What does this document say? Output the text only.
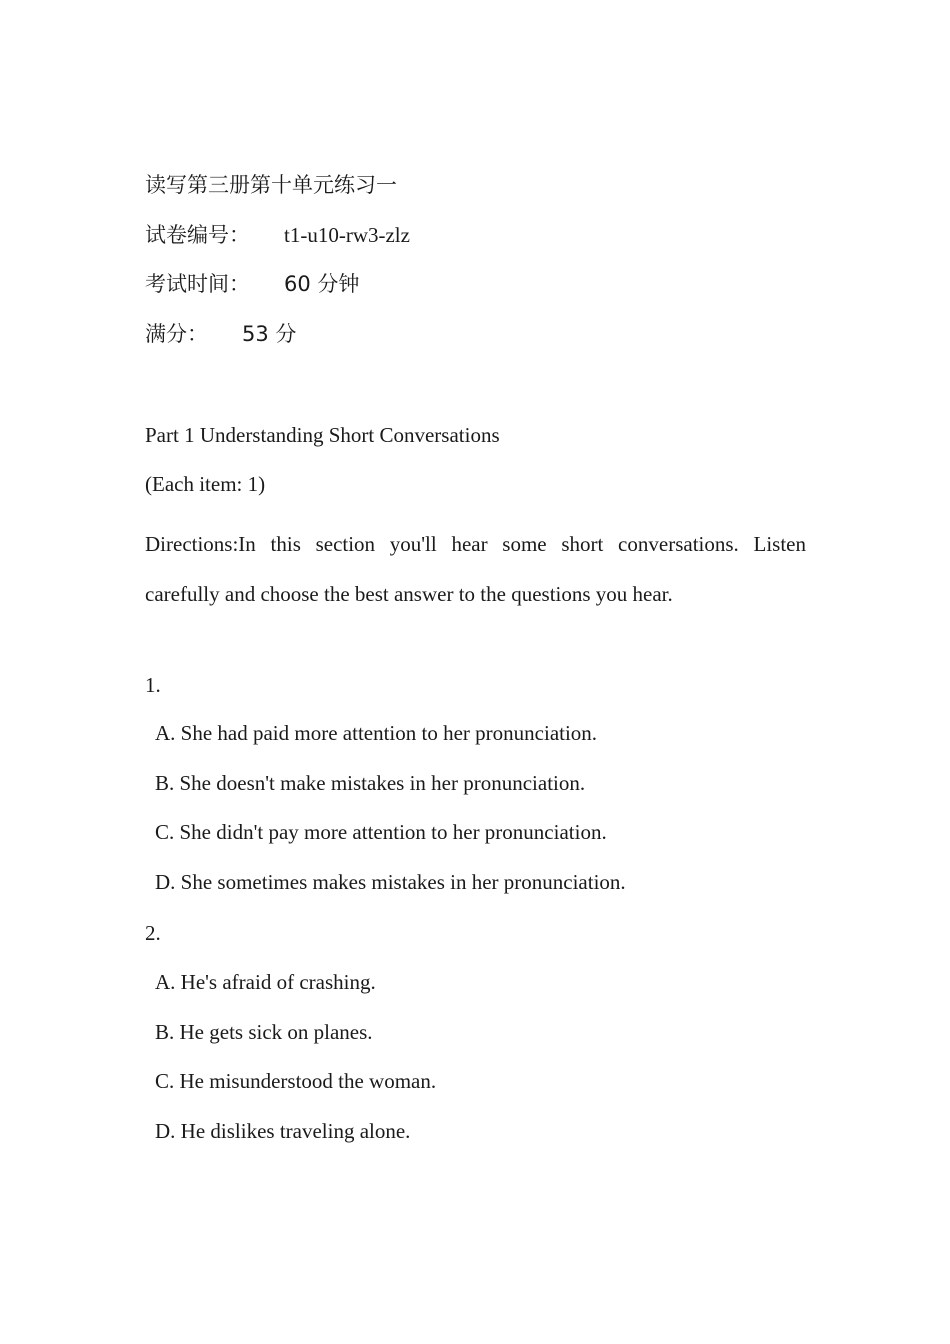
读写第三册第十单元练习一
试卷编号： t1-u10-rw3-zlz
考试时间： 60 分钟
满分： 53 分
Part 1 Understanding Short Conversations
(Each item: 1)
Directions:In this section you'll hear some short conversations. Listen carefully and choose the best answer to the questions you hear.
1.
A. She had paid more attention to her pronunciation.
B. She doesn't make mistakes in her pronunciation.
C. She didn't pay more attention to her pronunciation.
D. She sometimes makes mistakes in her pronunciation.
2.
A. He's afraid of crashing.
B. He gets sick on planes.
C. He misunderstood the woman.
D. He dislikes traveling alone.
